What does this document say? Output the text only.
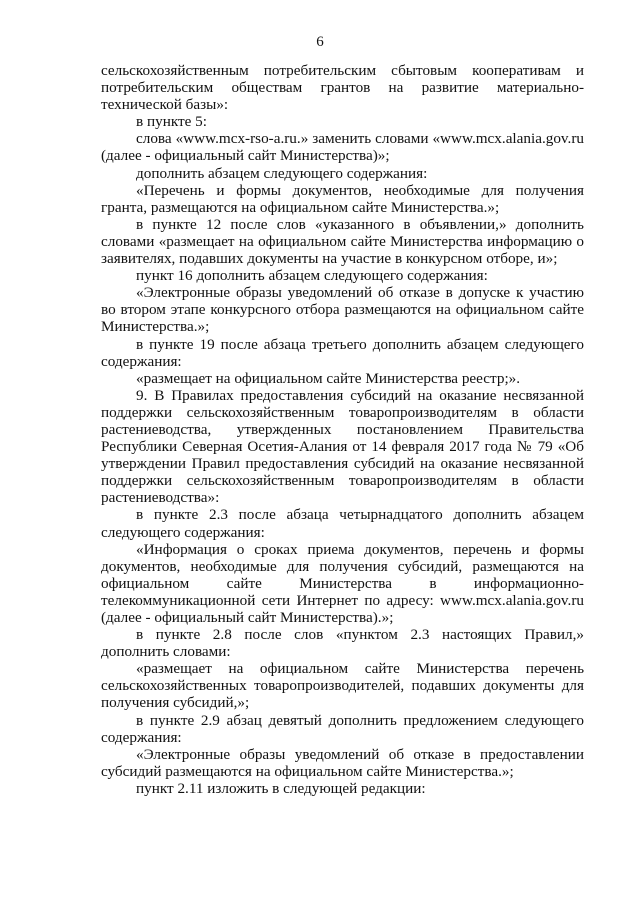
6

сельскохозяйственным потребительским сбытовым кооперативам и потребительским обществам грантов на развитие материально-технической базы»:

в пункте 5:

слова «www.mcx-rso-a.ru.» заменить словами «www.mcx.alania.gov.ru (далее - официальный сайт Министерства)»;

дополнить абзацем следующего содержания:

«Перечень и формы документов, необходимые для получения гранта, размещаются на официальном сайте Министерства.»;

в пункте 12 после слов «указанного в объявлении,» дополнить словами «размещает на официальном сайте Министерства информацию о заявителях, подавших документы на участие в конкурсном отборе, и»;

пункт 16 дополнить абзацем следующего содержания:

«Электронные образы уведомлений об отказе в допуске к участию во втором этапе конкурсного отбора размещаются на официальном сайте Министерства.»;

в пункте 19 после абзаца третьего дополнить абзацем следующего содержания:

«размещает на официальном сайте Министерства реестр;».

9. В Правилах предоставления субсидий на оказание несвязанной поддержки сельскохозяйственным товаропроизводителям в области растениеводства, утвержденных постановлением Правительства Республики Северная Осетия-Алания от 14 февраля 2017 года № 79 «Об утверждении Правил предоставления субсидий на оказание несвязанной поддержки сельскохозяйственным товаропроизводителям в области растениеводства»:

в пункте 2.3 после абзаца четырнадцатого дополнить абзацем следующего содержания:

«Информация о сроках приема документов, перечень и формы документов, необходимые для получения субсидий, размещаются на официальном сайте Министерства в информационно-телекоммуникационной сети Интернет по адресу: www.mcx.alania.gov.ru (далее - официальный сайт Министерства).»;

в пункте 2.8 после слов «пунктом 2.3 настоящих Правил,» дополнить словами:

«размещает на официальном сайте Министерства перечень сельскохозяйственных товаропроизводителей, подавших документы для получения субсидий,»;

в пункте 2.9 абзац девятый дополнить предложением следующего содержания:

«Электронные образы уведомлений об отказе в предоставлении субсидий размещаются на официальном сайте Министерства.»;

пункт 2.11 изложить в следующей редакции:
